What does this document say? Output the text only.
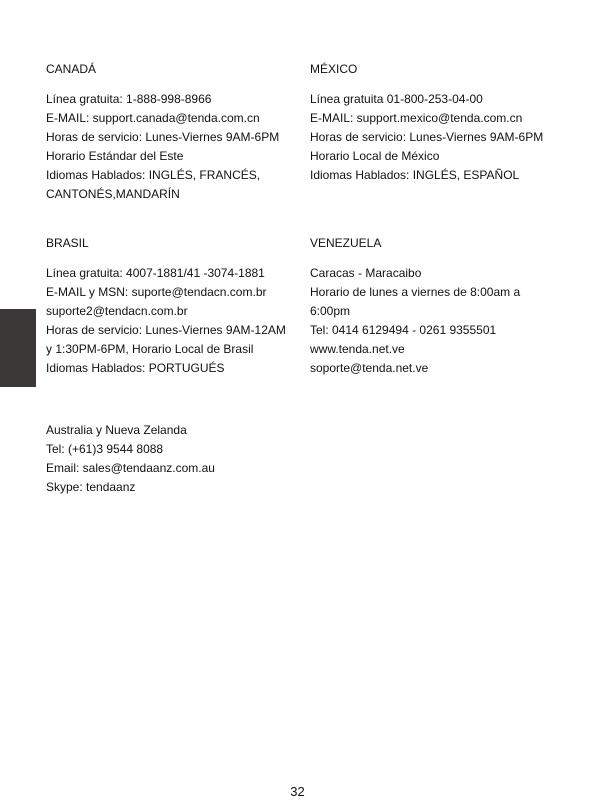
CANADÁ
Línea gratuita: 1-888-998-8966
E-MAIL: support.canada@tenda.com.cn
Horas de servicio: Lunes-Viernes 9AM-6PM
Horario Estándar del Este
Idiomas Hablados: INGLÉS, FRANCÉS,
CANTONÉS,MANDARÍN
MÉXICO
Línea gratuita 01-800-253-04-00
E-MAIL: support.mexico@tenda.com.cn
Horas de servicio: Lunes-Viernes 9AM-6PM
Horario Local de México
Idiomas Hablados: INGLÉS, ESPAÑOL
BRASIL
Línea gratuita: 4007-1881/41 -3074-1881
E-MAIL y MSN: suporte@tendacn.com.br
suporte2@tendacn.com.br
Horas de servicio: Lunes-Viernes 9AM-12AM
y 1:30PM-6PM, Horario Local de Brasil
Idiomas Hablados: PORTUGUÉS
VENEZUELA
Caracas - Maracaibo
Horario de lunes a viernes de 8:00am a
6:00pm
Tel: 0414 6129494 - 0261 9355501
www.tenda.net.ve
soporte@tenda.net.ve
Australia y Nueva Zelanda
Tel: (+61)3 9544 8088
Email: sales@tendaanz.com.au
Skype: tendaanz
32
